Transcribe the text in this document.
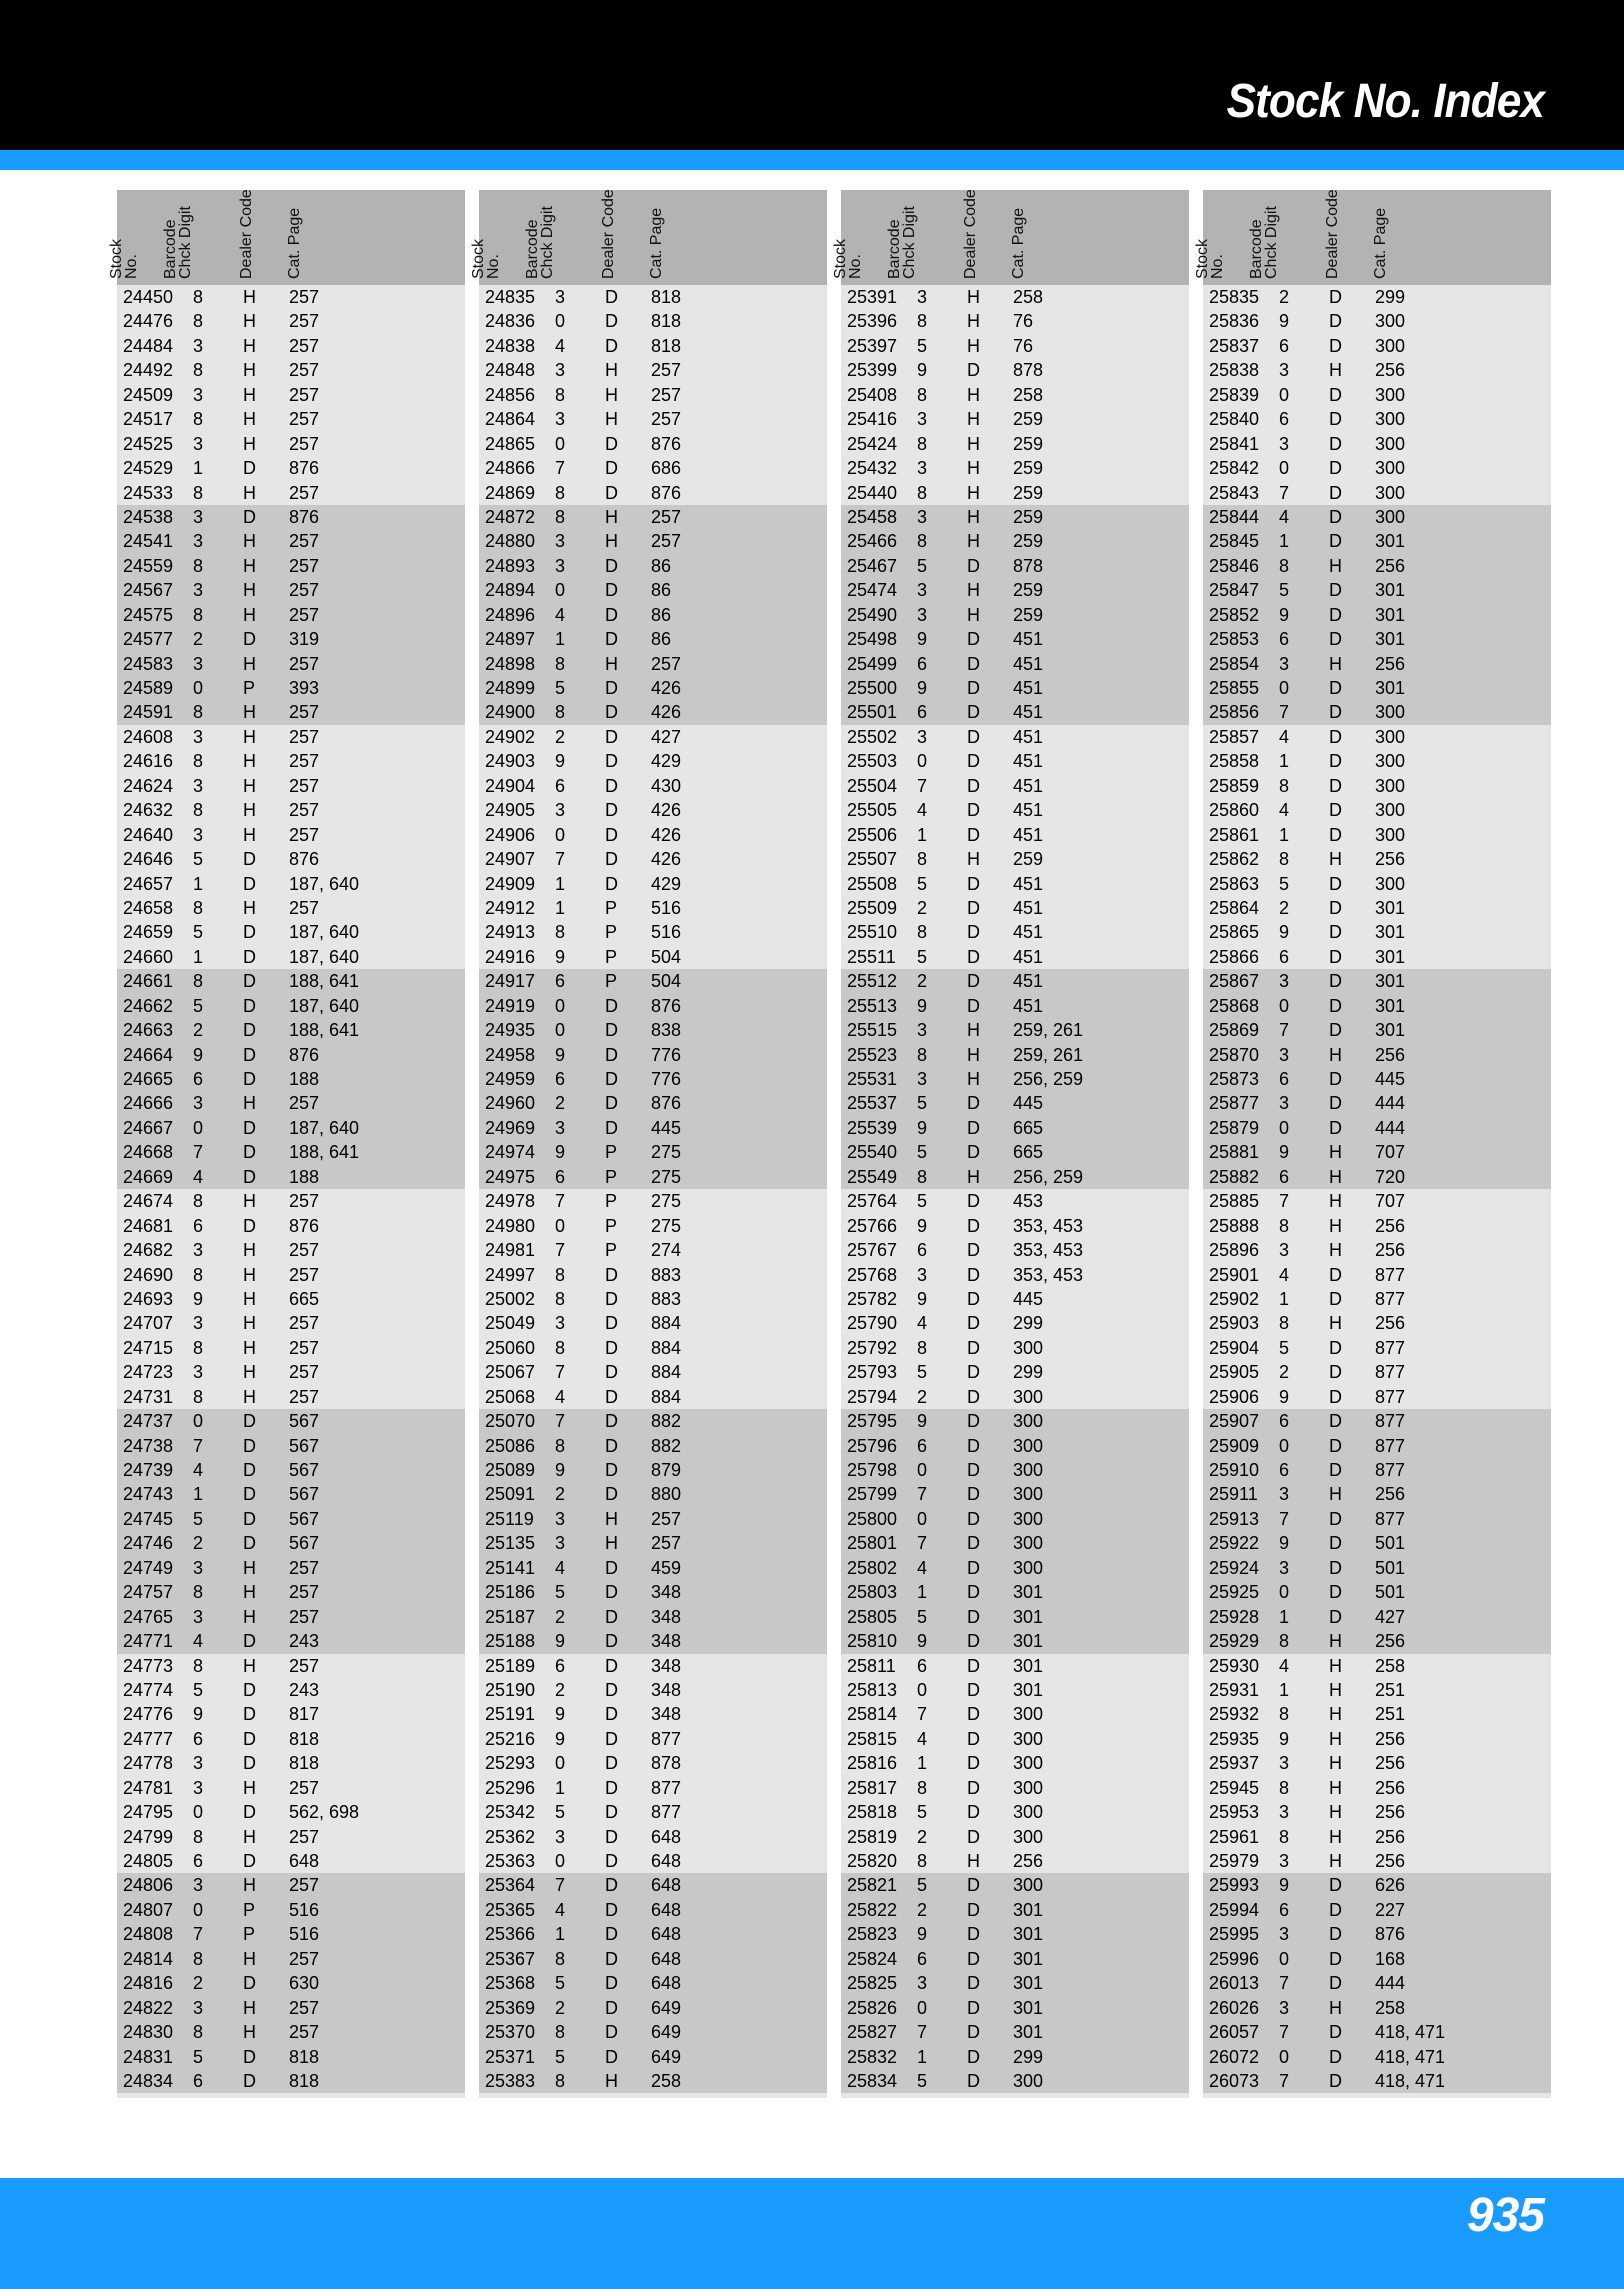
Stock No. Index
Stock
No. Barcode
Chck Digit	Dealer Code Cat. Page
24450 8 H 257
24476 8 H 257
24484 3 H 257
24492 8 H 257
24509 3 H 257
24517 8 H 257
24525 3 H 257
24529 1 D 876
24533 8 H 257
24538 3 D 876
24541 3 H 257
24559 8 H 257
24567 3 H 257
24575 8 H 257
24577 2 D 319
24583 3 H 257
24589 0 P 393
24591 8 H 257
24608 3 H 257
24616 8 H 257
24624 3 H 257
24632 8 H 257
24640 3 H 257
24646 5 D 876
24657 1 D 187, 640
24658 8 H 257
24659 5 D 187, 640
24660 1 D 187, 640
24661 8 D 188, 641
24662 5 D 187, 640
24663 2 D 188, 641
24664 9 D 876
24665 6 D 188
24666 3 H 257
24667 0 D 187, 640
24668 7 D 188, 641
24669 4 D 188
24674 8 H 257
24681 6 D 876
24682 3 H 257
24690 8 H 257
24693 9 H 665
24707 3 H 257
24715 8 H 257
24723 3 H 257
24731 8 H 257
24737 0 D 567
24738 7 D 567
24739 4 D 567
24743 1 D 567
24745 5 D 567
24746 2 D 567
24749 3 H 257
24757 8 H 257
24765 3 H 257
24771 4 D 243
24773 8 H 257
24774 5 D 243
24776 9 D 817
24777 6 D 818
24778 3 D 818
24781 3 H 257
24795 0 D 562, 698
24799 8 H 257
24805 6 D 648
24806 3 H 257
24807 0 P 516
24808 7 P 516
24814 8 H 257
24816 2 D 630
24822 3 H 257
24830 8 H 257
24831 5 D 818
24834 6 D 818
Stock
No. Barcode
Chck Digit	Dealer Code Cat. Page
24835 3 D 818
24836 0 D 818
24838 4 D 818
24848 3 H 257
24856 8 H 257
24864 3 H 257
24865 0 D 876
24866 7 D 686
24869 8 D 876
24872 8 H 257
24880 3 H 257
24893 3 D 86
24894 0 D 86
24896 4 D 86
24897 1 D 86
24898 8 H 257
24899 5 D 426
24900 8 D 426
24902 2 D 427
24903 9 D 429
24904 6 D 430
24905 3 D 426
24906 0 D 426
24907 7 D 426
24909 1 D 429
24912 1 P 516
24913 8 P 516
24916 9 P 504
24917 6 P 504
24919 0 D 876
24935 0 D 838
24958 9 D 776
24959 6 D 776
24960 2 D 876
24969 3 D 445
24974 9 P 275
24975 6 P 275
24978 7 P 275
24980 0 P 275
24981 7 P 274
24997 8 D 883
25002 8 D 883
25049 3 D 884
25060 8 D 884
25067 7 D 884
25068 4 D 884
25070 7 D 882
25086 8 D 882
25089 9 D 879
25091 2 D 880
25119 3 H 257
25135 3 H 257
25141 4 D 459
25186 5 D 348
25187 2 D 348
25188 9 D 348
25189 6 D 348
25190 2 D 348
25191 9 D 348
25216 9 D 877
25293 0 D 878
25296 1 D 877
25342 5 D 877
25362 3 D 648
25363 0 D 648
25364 7 D 648
25365 4 D 648
25366 1 D 648
25367 8 D 648
25368 5 D 648
25369 2 D 649
25370 8 D 649
25371 5 D 649
25383 8 H 258
Stock
No. Barcode
Chck Digit	Dealer Code Cat. Page
25391 3 H 258
25396 8 H 76
25397 5 H 76
25399 9 D 878
25408 8 H 258
25416 3 H 259
25424 8 H 259
25432 3 H 259
25440 8 H 259
25458 3 H 259
25466 8 H 259
25467 5 D 878
25474 3 H 259
25490 3 H 259
25498 9 D 451
25499 6 D 451
25500 9 D 451
25501 6 D 451
25502 3 D 451
25503 0 D 451
25504 7 D 451
25505 4 D 451
25506 1 D 451
25507 8 H 259
25508 5 D 451
25509 2 D 451
25510 8 D 451
25511 5 D 451
25512 2 D 451
25513 9 D 451
25515 3 H 259, 261
25523 8 H 259, 261
25531 3 H 256, 259
25537 5 D 445
25539 9 D 665
25540 5 D 665
25549 8 H 256, 259
25764 5 D 453
25766 9 D 353, 453
25767 6 D 353, 453
25768 3 D 353, 453
25782 9 D 445
25790 4 D 299
25792 8 D 300
25793 5 D 299
25794 2 D 300
25795 9 D 300
25796 6 D 300
25798 0 D 300
25799 7 D 300
25800 0 D 300
25801 7 D 300
25802 4 D 300
25803 1 D 301
25805 5 D 301
25810 9 D 301
25811 6 D 301
25813 0 D 301
25814 7 D 300
25815 4 D 300
25816 1 D 300
25817 8 D 300
25818 5 D 300
25819 2 D 300
25820 8 H 256
25821 5 D 300
25822 2 D 301
25823 9 D 301
25824 6 D 301
25825 3 D 301
25826 0 D 301
25827 7 D 301
25832 1 D 299
25834 5 D 300
Stock
No. Barcode
Chck Digit	Dealer Code Cat. Page
25835 2 D 299
25836 9 D 300
25837 6 D 300
25838 3 H 256
25839 0 D 300
25840 6 D 300
25841 3 D 300
25842 0 D 300
25843 7 D 300
25844 4 D 300
25845 1 D 301
25846 8 H 256
25847 5 D 301
25852 9 D 301
25853 6 D 301
25854 3 H 256
25855 0 D 301
25856 7 D 300
25857 4 D 300
25858 1 D 300
25859 8 D 300
25860 4 D 300
25861 1 D 300
25862 8 H 256
25863 5 D 300
25864 2 D 301
25865 9 D 301
25866 6 D 301
25867 3 D 301
25868 0 D 301
25869 7 D 301
25870 3 H 256
25873 6 D 445
25877 3 D 444
25879 0 D 444
25881 9 H 707
25882 6 H 720
25885 7 H 707
25888 8 H 256
25896 3 H 256
25901 4 D 877
25902 1 D 877
25903 8 H 256
25904 5 D 877
25905 2 D 877
25906 9 D 877
25907 6 D 877
25909 0 D 877
25910 6 D 877
25911 3 H 256
25913 7 D 877
25922 9 D 501
25924 3 D 501
25925 0 D 501
25928 1 D 427
25929 8 H 256
25930 4 H 258
25931 1 H 251
25932 8 H 251
25935 9 H 256
25937 3 H 256
25945 8 H 256
25953 3 H 256
25961 8 H 256
25979 3 H 256
25993 9 D 626
25994 6 D 227
25995 3 D 876
25996 0 D 168
26013 7 D 444
26026 3 H 258
26057 7 D 418, 471
26072 0 D 418, 471
26073 7 D 418, 471
935
